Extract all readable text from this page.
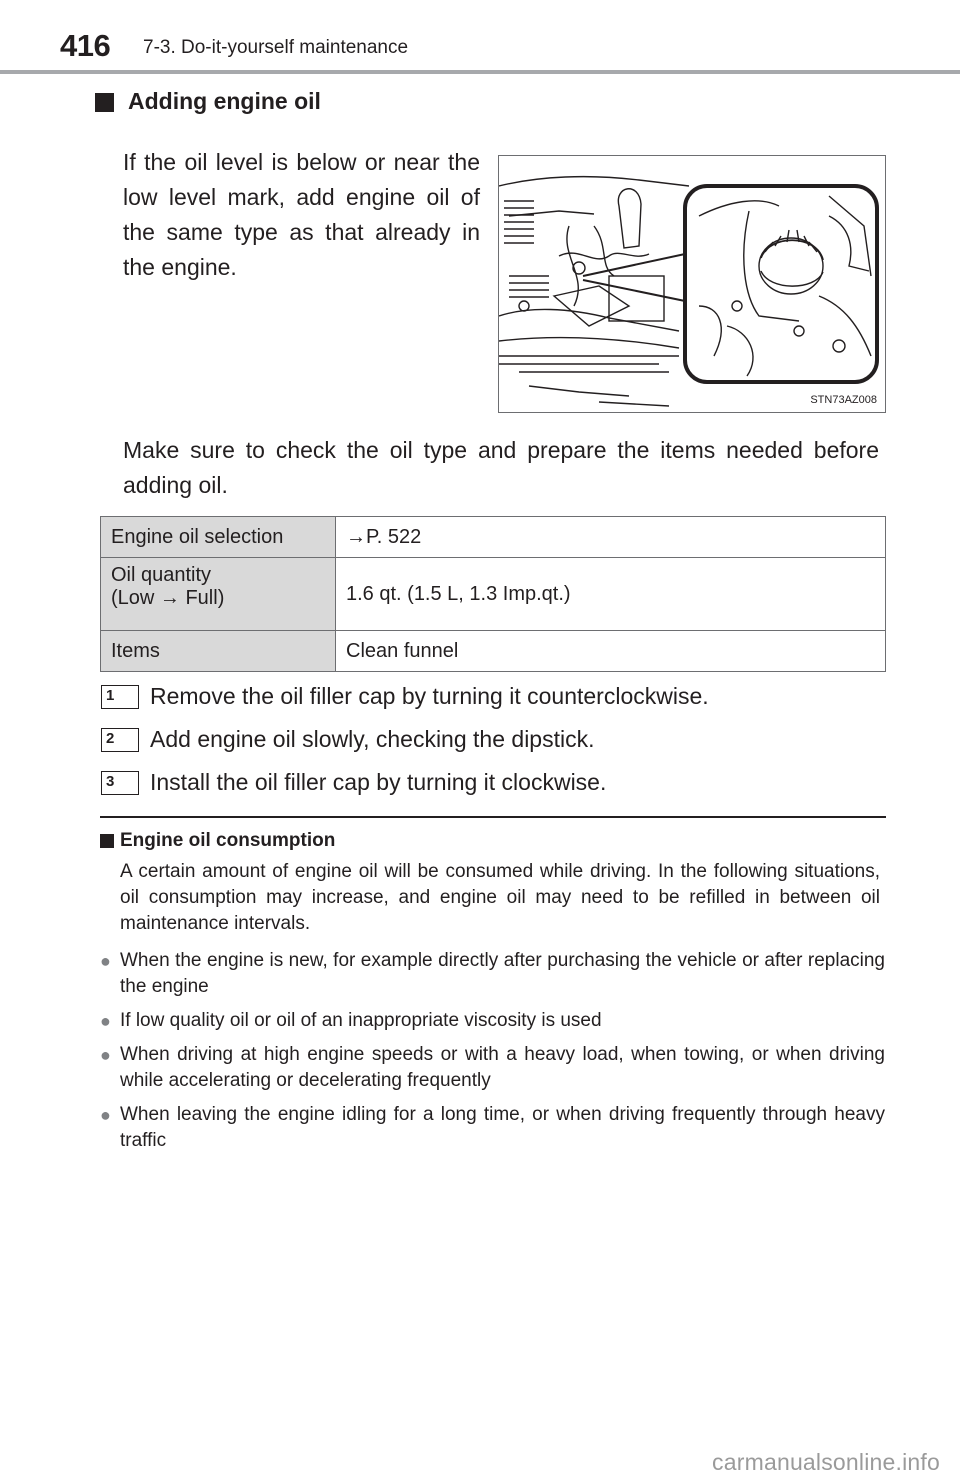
416 7-3. Do-it-yourself maintenance
Adding engine oil
If the oil level is below or near the low level mark, add engine oil of the same type as that already in the engine.
STN73AZ008
Make sure to check the oil type and prepare the items needed before adding oil.
Engine oil selection	→P. 522

Oil quantity
(Low → Full)	1.6 qt. (1.5 L, 1.3 Imp.qt.)
Items	Clean funnel
1 Remove the oil filler cap by turning it counterclockwise.
2 Add engine oil slowly, checking the dipstick.
3 Install the oil filler cap by turning it clockwise.
Engine oil consumption
A certain amount of engine oil will be consumed while driving. In the following situations, oil consumption may increase, and engine oil may need to be refilled in between oil maintenance intervals.
● When the engine is new, for example directly after purchasing the vehicle or after replacing the engine
● If low quality oil or oil of an inappropriate viscosity is used
● When driving at high engine speeds or with a heavy load, when towing, or when driving while accelerating or decelerating frequently
● When leaving the engine idling for a long time, or when driving frequently through heavy traffic
carmanualsonline.info
